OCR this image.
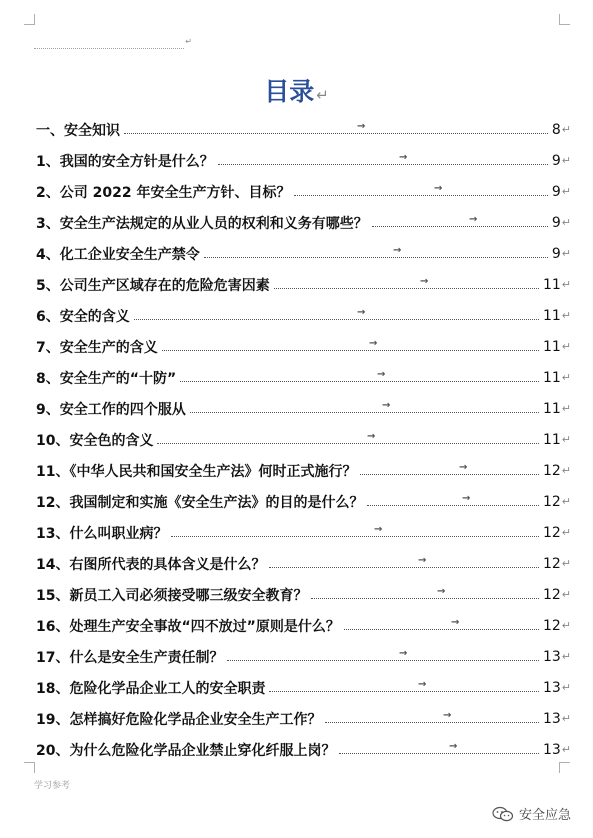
↵
目录 ↵
一、安全知识	8 ↵
→
1、我国的安全方针是什么？	9 ↵
→
2、公司 2022 年安全生产方针、目标？	9 ↵
→
3、安全生产法规定的从业人员的权利和义务有哪些？	9 ↵
→
4、化工企业安全生产禁令	9 ↵
→
5、公司生产区域存在的危险危害因素	11 ↵
→
6、安全的含义	11 ↵
→
7、安全生产的含义	11 ↵
→
8、安全生产的“十防”	11 ↵
→
9、安全工作的四个服从	11 ↵
→
10、安全色的含义	11 ↵
→
11、《中华人民共和国安全生产法》何时正式施行？	12 ↵
→
12、我国制定和实施《安全生产法》的目的是什么？	12 ↵
→
13、什么叫职业病？	12 ↵
→
14、右图所代表的具体含义是什么？	12 ↵
→
15、新员工入司必须接受哪三级安全教育？	12 ↵
→
16、处理生产安全事故“四不放过”原则是什么？	12 ↵
→
17、什么是安全生产责任制？	13 ↵
→
18、危险化学品企业工人的安全职责	13 ↵
→
19、怎样搞好危险化学品企业安全生产工作？	13 ↵
→
20、为什么危险化学品企业禁止穿化纤服上岗？	13 ↵
→
学习参考
安全应急
